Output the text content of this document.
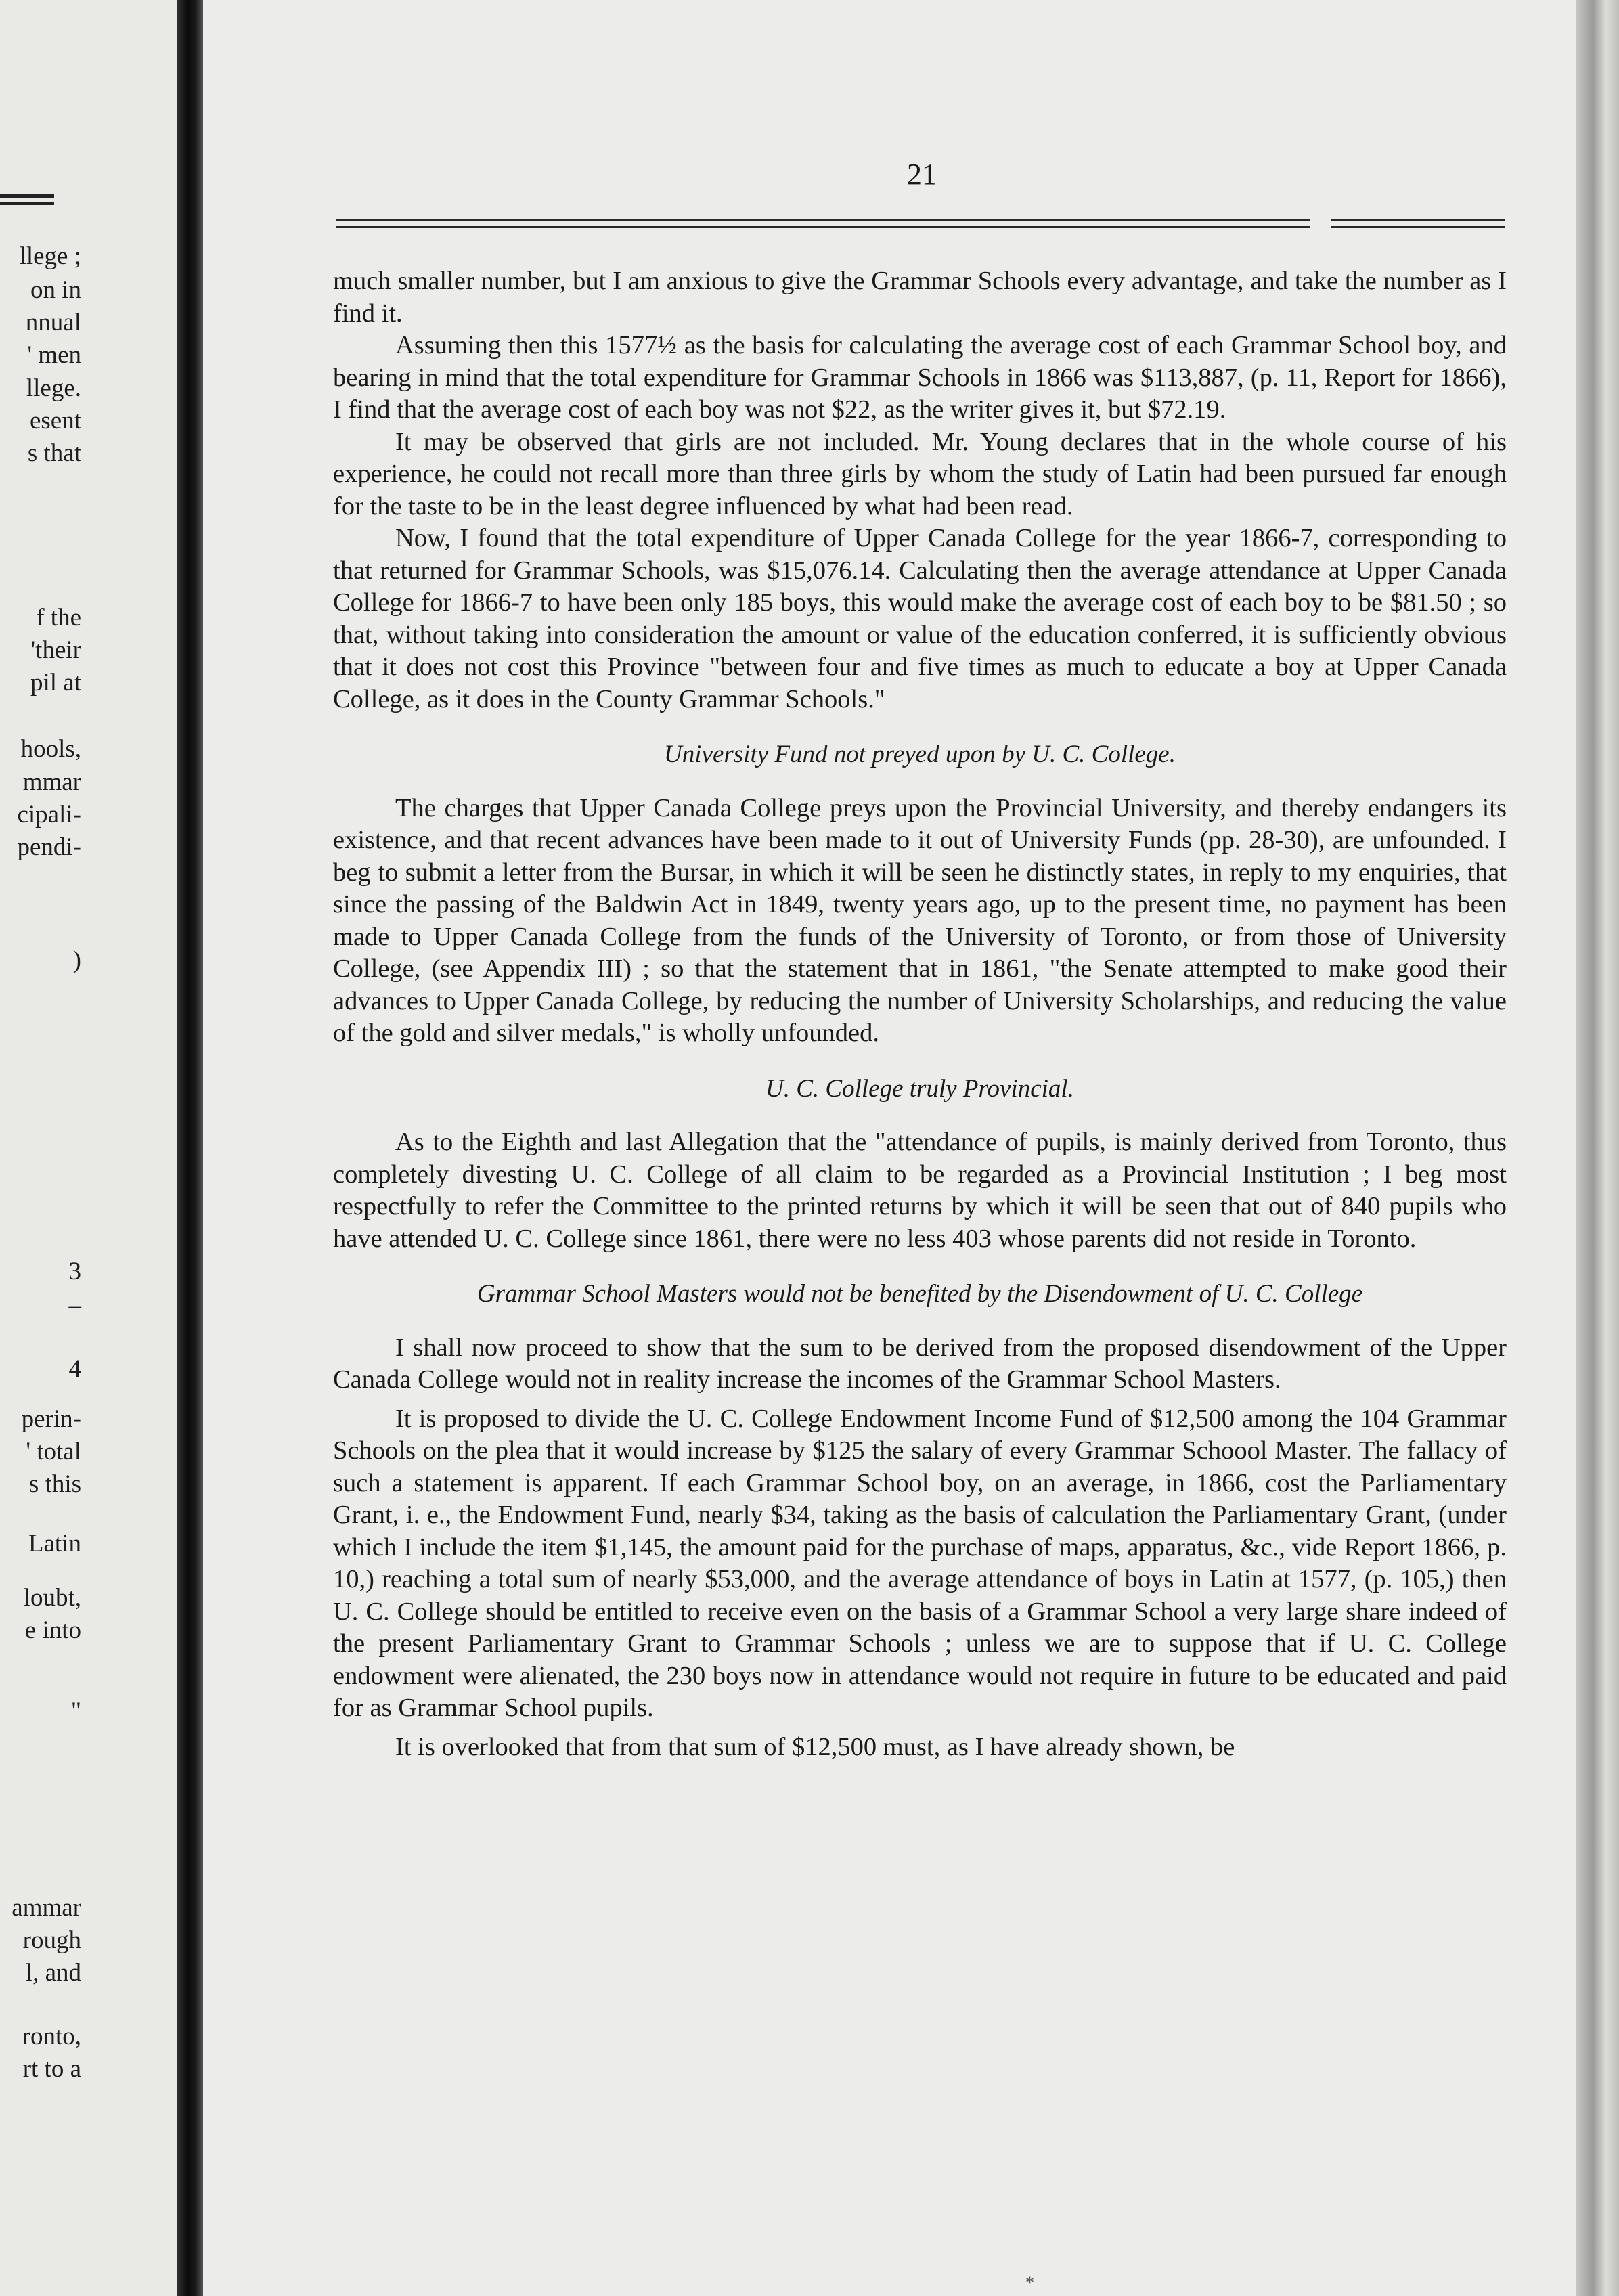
llege ;
on in
nnual
' men
llege.
esent
s that
f the
'their
pil at
hools,
mmar
cipali-
pendi-
)
3
–
4
perin-
' total
s this
Latin
loubt,
e into
"
ammar
rough
l, and
ronto,
rt to a
21

much smaller number, but I am anxious to give the Grammar Schools every advantage, and take the number as I find it.

Assuming then this 1577½ as the basis for calculating the average cost of each Grammar School boy, and bearing in mind that the total expenditure for Grammar Schools in 1866 was $113,887, (p. 11, Report for 1866), I find that the average cost of each boy was not $22, as the writer gives it, but $72.19.

It may be observed that girls are not included. Mr. Young declares that in the whole course of his experience, he could not recall more than three girls by whom the study of Latin had been pursued far enough for the taste to be in the least degree influenced by what had been read.

Now, I found that the total expenditure of Upper Canada College for the year 1866-7, corresponding to that returned for Grammar Schools, was $15,076.14. Calculating then the average attendance at Upper Canada College for 1866-7 to have been only 185 boys, this would make the average cost of each boy to be $81.50 ; so that, without taking into consideration the amount or value of the education conferred, it is sufficiently obvious that it does not cost this Province "between four and five times as much to educate a boy at Upper Canada College, as it does in the County Grammar Schools."

University Fund not preyed upon by U. C. College.

The charges that Upper Canada College preys upon the Provincial University, and thereby endangers its existence, and that recent advances have been made to it out of University Funds (pp. 28-30), are unfounded. I beg to submit a letter from the Bursar, in which it will be seen he distinctly states, in reply to my enquiries, that since the passing of the Baldwin Act in 1849, twenty years ago, up to the present time, no payment has been made to Upper Canada College from the funds of the University of Toronto, or from those of University College, (see Appendix III) ; so that the statement that in 1861, "the Senate attempted to make good their advances to Upper Canada College, by reducing the number of University Scholarships, and reducing the value of the gold and silver medals," is wholly unfounded.

U. C. College truly Provincial.

As to the Eighth and last Allegation that the "attendance of pupils, is mainly derived from Toronto, thus completely divesting U. C. College of all claim to be regarded as a Provincial Institution ; I beg most respectfully to refer the Committee to the printed returns by which it will be seen that out of 840 pupils who have attended U. C. College since 1861, there were no less 403 whose parents did not reside in Toronto.

Grammar School Masters would not be benefited by the Disendowment of U. C. College

I shall now proceed to show that the sum to be derived from the proposed disendowment of the Upper Canada College would not in reality increase the incomes of the Grammar School Masters.

It is proposed to divide the U. C. College Endowment Income Fund of $12,500 among the 104 Grammar Schools on the plea that it would increase by $125 the salary of every Grammar Schoool Master. The fallacy of such a statement is apparent. If each Grammar School boy, on an average, in 1866, cost the Parliamentary Grant, i. e., the Endowment Fund, nearly $34, taking as the basis of calculation the Parliamentary Grant, (under which I include the item $1,145, the amount paid for the purchase of maps, apparatus, &c., vide Report 1866, p. 10,) reaching a total sum of nearly $53,000, and the average attendance of boys in Latin at 1577, (p. 105,) then U. C. College should be entitled to receive even on the basis of a Grammar School a very large share indeed of the present Parliamentary Grant to Grammar Schools ; unless we are to suppose that if U. C. College endowment were alienated, the 230 boys now in attendance would not require in future to be educated and paid for as Grammar School pupils.

It is overlooked that from that sum of $12,500 must, as I have already shown, be

*
